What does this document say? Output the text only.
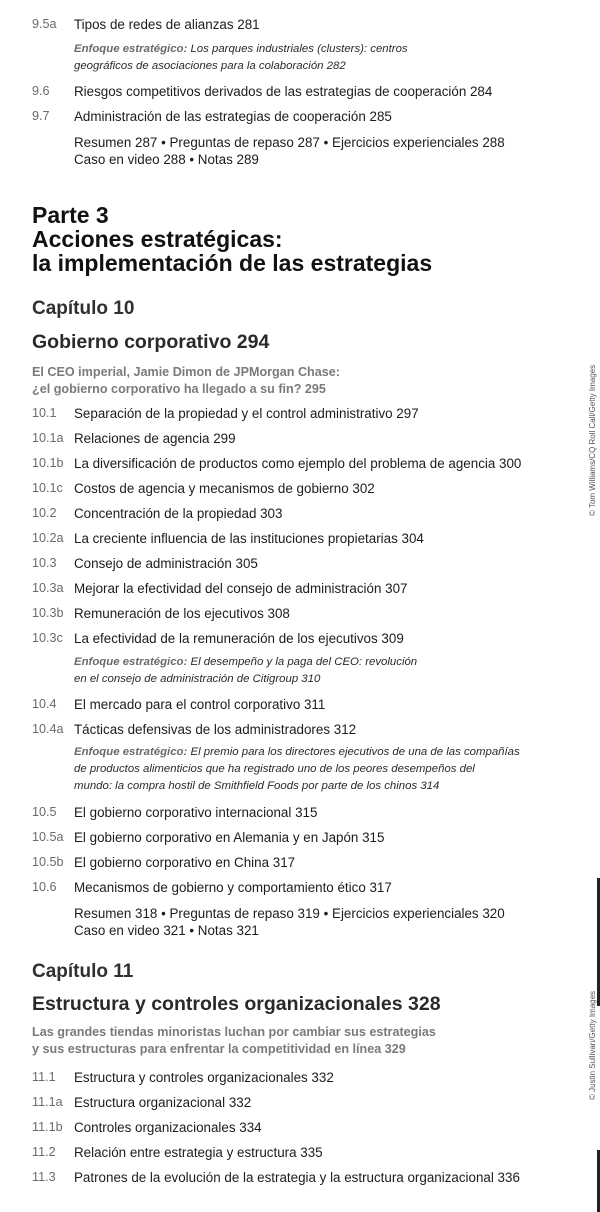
9.5a Tipos de redes de alianzas 281
Enfoque estratégico: Los parques industriales (clusters): centros
geográficos de asociaciones para la colaboración 282
9.6 Riesgos competitivos derivados de las estrategias de cooperación 284
9.7 Administración de las estrategias de cooperación 285
Resumen 287 • Preguntas de repaso 287 • Ejercicios experienciales 288
Caso en video 288 • Notas 289
Parte 3
Acciones estratégicas:
la implementación de las estrategias
Capítulo 10
Gobierno corporativo 294
El CEO imperial, Jamie Dimon de JPMorgan Chase:
¿el gobierno corporativo ha llegado a su fin? 295
10.1 Separación de la propiedad y el control administrativo 297
10.1a Relaciones de agencia 299
10.1b La diversificación de productos como ejemplo del problema de agencia 300
10.1c Costos de agencia y mecanismos de gobierno 302
10.2 Concentración de la propiedad 303
10.2a La creciente influencia de las instituciones propietarias 304
10.3 Consejo de administración 305
10.3a Mejorar la efectividad del consejo de administración 307
10.3b Remuneración de los ejecutivos 308
10.3c La efectividad de la remuneración de los ejecutivos 309
Enfoque estratégico: El desempeño y la paga del CEO: revolución
en el consejo de administración de Citigroup 310
10.4 El mercado para el control corporativo 311
10.4a Tácticas defensivas de los administradores 312
Enfoque estratégico: El premio para los directores ejecutivos de una de las compañías
de productos alimenticios que ha registrado uno de los peores desempeños del
mundo: la compra hostil de Smithfield Foods por parte de los chinos 314
10.5 El gobierno corporativo internacional 315
10.5a El gobierno corporativo en Alemania y en Japón 315
10.5b El gobierno corporativo en China 317
10.6 Mecanismos de gobierno y comportamiento ético 317
Resumen 318 • Preguntas de repaso 319 • Ejercicios experienciales 320
Caso en video 321 • Notas 321
Capítulo 11
Estructura y controles organizacionales 328
Las grandes tiendas minoristas luchan por cambiar sus estrategias
y sus estructuras para enfrentar la competitividad en línea 329
11.1 Estructura y controles organizacionales 332
11.1a Estructura organizacional 332
11.1b Controles organizacionales 334
11.2 Relación entre estrategia y estructura 335
11.3 Patrones de la evolución de la estrategia y la estructura organizacional 336
© Tom Williams/CQ Roll Call/Getty Images
© Justin Sullivan/Getty Images
